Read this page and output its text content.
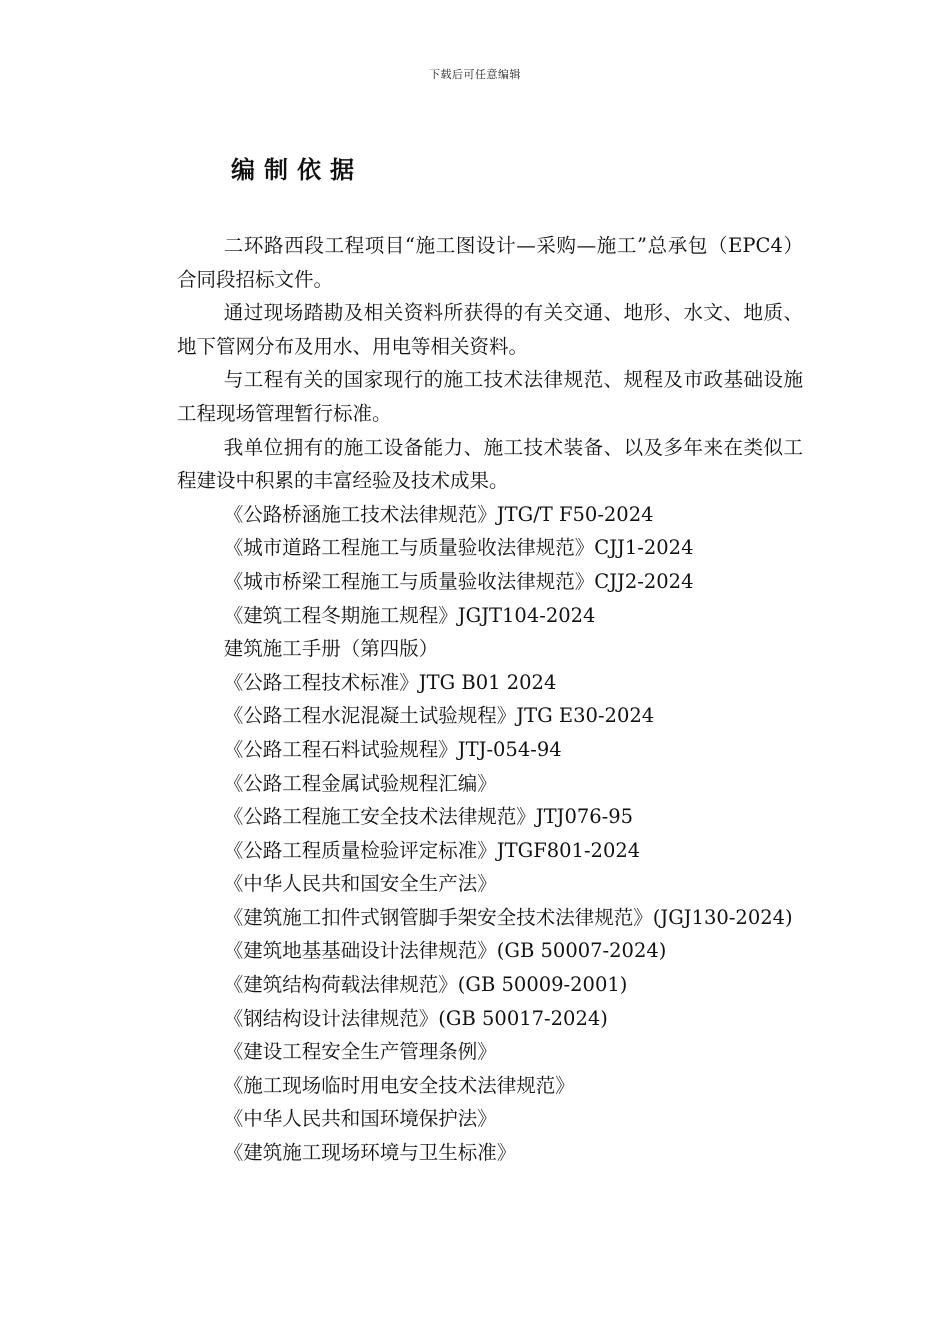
下载后可任意编辑
编制依据

二环路西段工程项目“施工图设计—采购—施工”总承包（EPC4）合同段招标文件。

通过现场踏勘及相关资料所获得的有关交通、地形、水文、地质、地下管网分布及用水、用电等相关资料。

与工程有关的国家现行的施工技术法律规范、规程及市政基础设施工程现场管理暂行标准。

我单位拥有的施工设备能力、施工技术装备、以及多年来在类似工程建设中积累的丰富经验及技术成果。

《公路桥涵施工技术法律规范》JTG/T F50-2024

《城市道路工程施工与质量验收法律规范》CJJ1-2024

《城市桥梁工程施工与质量验收法律规范》CJJ2-2024

《建筑工程冬期施工规程》JGJT104-2024

建筑施工手册（第四版）

《公路工程技术标准》JTG B01 2024

《公路工程水泥混凝土试验规程》JTG E30-2024

《公路工程石料试验规程》JTJ-054-94

《公路工程金属试验规程汇编》

《公路工程施工安全技术法律规范》JTJ076-95

《公路工程质量检验评定标准》JTGF801-2024

《中华人民共和国安全生产法》

《建筑施工扣件式钢管脚手架安全技术法律规范》(JGJ130-2024)

《建筑地基基础设计法律规范》(GB 50007-2024)

《建筑结构荷载法律规范》(GB 50009-2001)

《钢结构设计法律规范》(GB 50017-2024)

《建设工程安全生产管理条例》

《施工现场临时用电安全技术法律规范》

《中华人民共和国环境保护法》

《建筑施工现场环境与卫生标准》
